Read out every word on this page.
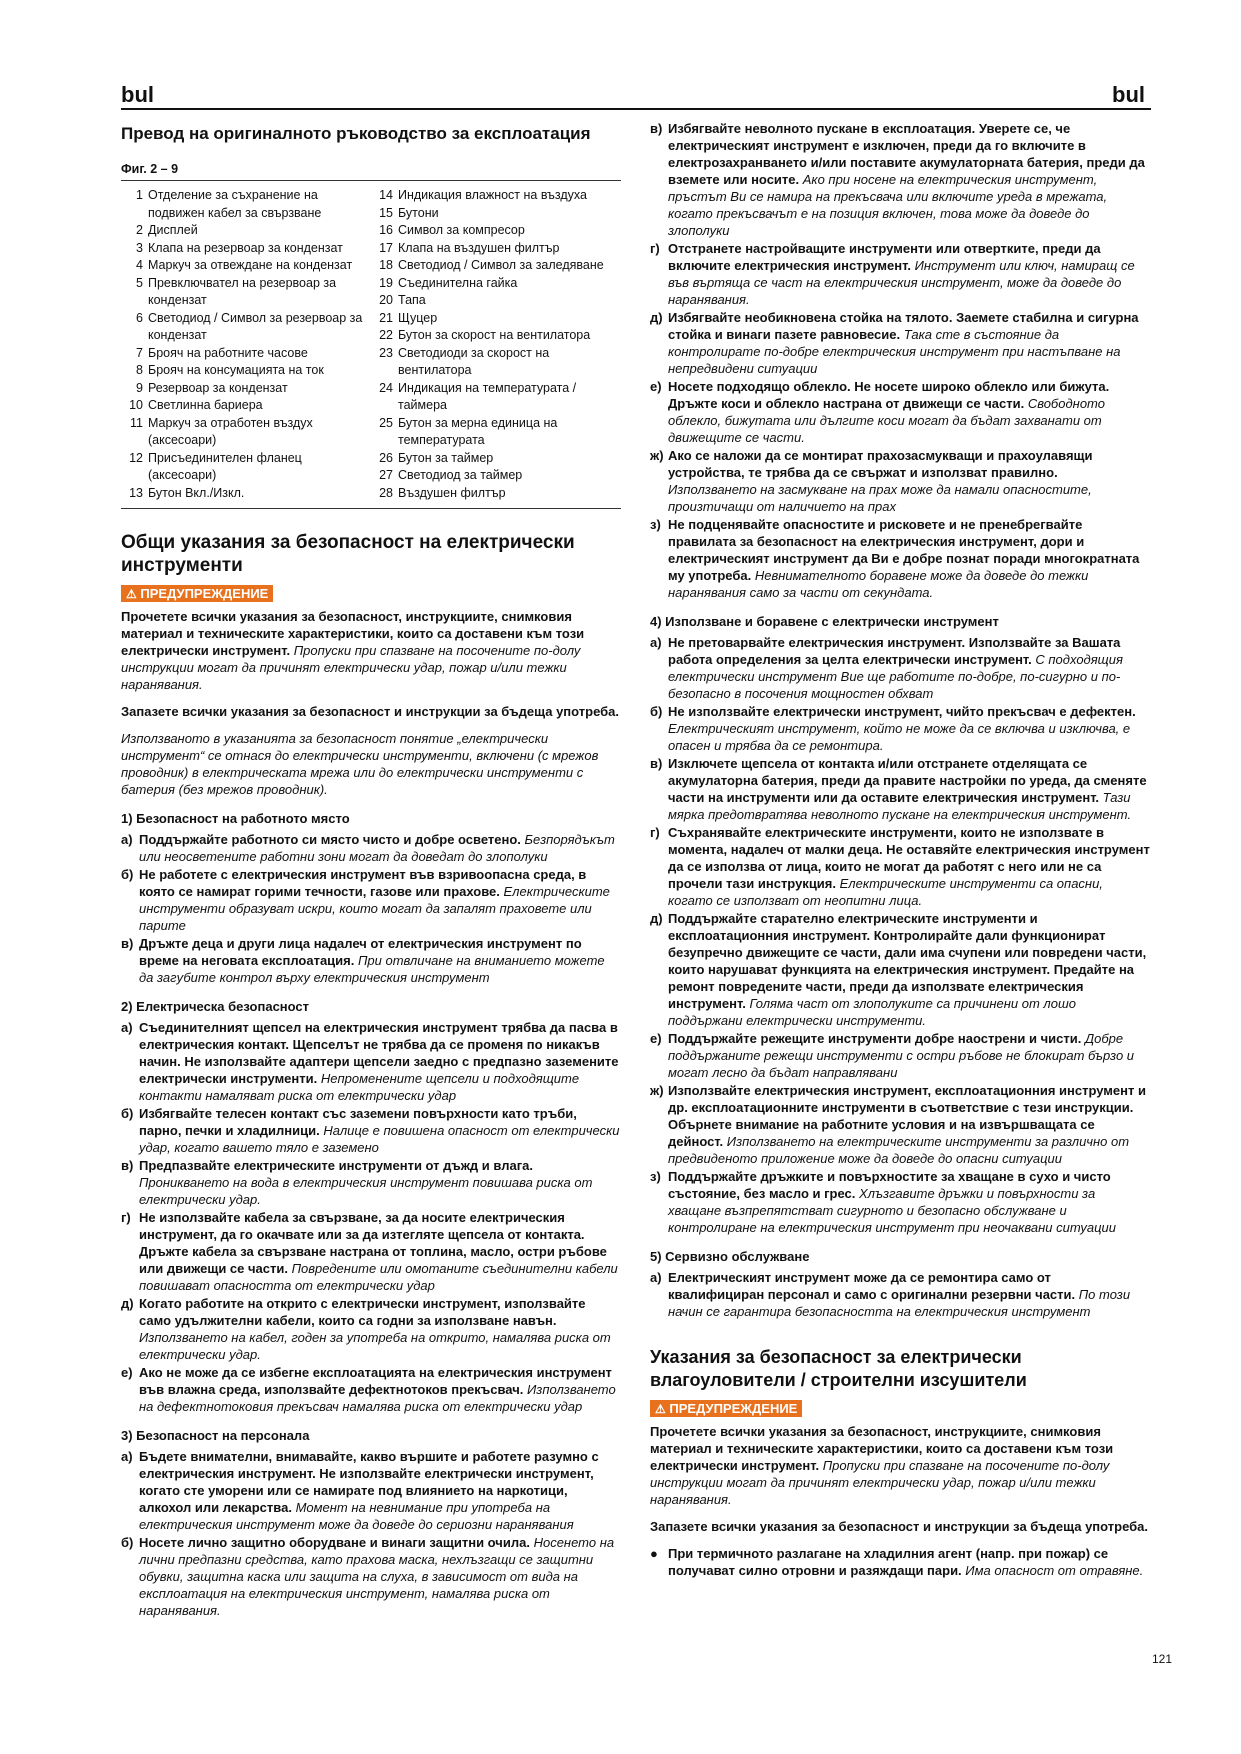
bul	bul
Превод на оригиналното ръководство за експлоатация
Фиг. 2 – 9
1 Отделение за съхранение на подвижен кабел за свързване
2 Дисплей
3 Клапа на резервоар за кондензат
4 Маркуч за отвеждане на кондензат
5 Превключвател на резервоар за кондензат
6 Светодиод / Символ за резервоар за кондензат
7 Брояч на работните часове
8 Брояч на консумацията на ток
9 Резервоар за кондензат
10 Светлинна бариера
11 Маркуч за отработен въздух (аксесоари)
12 Присъединителен фланец (аксесоари)
13 Бутон Вкл./Изкл.
14 Индикация влажност на въздуха
15 Бутони
16 Символ за компресор
17 Клапа на въздушен филтър
18 Светодиод / Символ за заледяване
19 Съединителна гайка
20 Тапа
21 Щуцер
22 Бутон за скорост на вентилатора
23 Светодиоди за скорост на вентилатора
24 Индикация на температурата / таймера
25 Бутон за мерна единица на температурата
26 Бутон за таймер
27 Светодиод за таймер
28 Въздушен филтър
Общи указания за безопасност на електрически инструменти
⚠ ПРЕДУПРЕЖДЕНИЕ

Прочетете всички указания за безопасност, инструкциите, снимковия материал и техническите характеристики, които са доставени към този електрически инструмент. Пропуски при спазване на посочените по-долу инструкции могат да причинят електрически удар, пожар и/или тежки наранявания.

Запазете всички указания за безопасност и инструкции за бъдеща употреба.

Използваното в указанията за безопасност понятие „електрически инструмент“ се отнася до електрически инструменти, включени (с мрежов проводник) в електрическата мрежа или до електрически инструменти с батерия (без мрежов проводник).

1) Безопасност на работното място
а) Поддържайте работното си място чисто и добре осветено. Безпорядъкът или неосветените работни зони могат да доведат до злополуки
б) Не работете с електрическия инструмент във взривоопасна среда, в която се намират горими течности, газове или прахове. Електрическите инструменти образуват искри, които могат да запалят праховете или парите
в) Дръжте деца и други лица надалеч от електрическия инструмент по време на неговата експлоатация. При отвличане на вниманието можете да загубите контрол върху електрическия инструмент
2) Електрическа безопасност
а) Съединителният щепсел на електрическия инструмент трябва да пасва в електрическия контакт. Щепселът не трябва да се променя по никакъв начин. Не използвайте адаптери щепсели заедно с предпазно заземените електрически инструменти. Непроменените щепсели и подходящите контакти намаляват риска от електрически удар
б) Избягвайте телесен контакт със заземени повърхности като тръби, парно, печки и хладилници. Налице е повишена опасност от електрически удар, когато вашето тяло е заземено
в) Предпазвайте електрическите инструменти от дъжд и влага. Проникването на вода в електрическия инструмент повишава риска от електрически удар.
г) Не използвайте кабела за свързване, за да носите електрическия инструмент, да го окачвате или за да изтегляте щепсела от контакта. Дръжте кабела за свързване настрана от топлина, масло, остри ръбове или движещи се части. Повредените или омотаните съединителни кабели повишават опасността от електрически удар
д) Когато работите на открито с електрически инструмент, използвайте само удължителни кабели, които са годни за използване навън. Използването на кабел, годен за употреба на открито, намалява риска от електрически удар.
е) Ако не може да се избегне експлоатацията на електрическия инструмент във влажна среда, използвайте дефектнотоков прекъсвач. Използването на дефектнотоковия прекъсвач намалява риска от електрически удар
3) Безопасност на персонала
а) Бъдете внимателни, внимавайте, какво вършите и работете разумно с електрическия инструмент. Не използвайте електрически инструмент, когато сте уморени или се намирате под влиянието на наркотици, алкохол или лекарства. Момент на невнимание при употреба на електрическия инструмент може да доведе до сериозни наранявания
б) Носете лично защитно оборудване и винаги защитни очила. Носенето на лични предпазни средства, като прахова маска, нехлъзгащи се защитни обувки, защитна каска или защита на слуха, в зависимост от вида на експлоатация на електрическия инструмент, намалява риска от наранявания.
в) Избягвайте неволното пускане в експлоатация. Уверете се, че електрическият инструмент е изключен, преди да го включите в електрозахранването и/или поставите акумулаторната батерия, преди да вземете или носите. Ако при носене на електрическия инструмент, пръстът Ви се намира на прекъсвача или включите уреда в мрежата, когато прекъсвачът е на позиция включен, това може да доведе до злополуки
г) Отстранете настройващите инструменти или отвертките, преди да включите електрическия инструмент. Инструмент или ключ, намиращ се във въртяща се част на електрическия инструмент, може да доведе до наранявания.
д) Избягвайте необикновена стойка на тялото. Заемете стабилна и сигурна стойка и винаги пазете равновесие. Така сте в състояние да контролирате по-добре електрическия инструмент при настъпване на непредвидени ситуации
е) Носете подходящо облекло. Не носете широко облекло или бижута. Дръжте коси и облекло настрана от движещи се части. Свободното облекло, бижутата или дългите коси могат да бъдат захванати от движещите се части.
ж) Ако се наложи да се монтират прахозасмукващи и прахоулавящи устройства, те трябва да се свържат и използват правилно. Използването на засмукване на прах може да намали опасностите, произтичащи от наличието на прах
з) Не подценявайте опасностите и рисковете и не пренебрегвайте правилата за безопасност на електрическия инструмент, дори и електрическият инструмент да Ви е добре познат поради многократната му употреба. Невнимателното боравене може да доведе до тежки наранявания само за части от секундата.
4) Използване и боравене с електрически инструмент
а) Не претоварвайте електрическия инструмент. Използвайте за Вашата работа определения за целта електрически инструмент. С подходящия електрически инструмент Вие ще работите по-добре, по-сигурно и по-безопасно в посочения мощностен обхват
б) Не използвайте електрически инструмент, чийто прекъсвач е дефектен. Електрическият инструмент, който не може да се включва и изключва, е опасен и трябва да се ремонтира.
в) Изключете щепсела от контакта и/или отстранете отделящата се акумулаторна батерия, преди да правите настройки по уреда, да сменяте части на инструменти или да оставите електрическия инструмент. Тази мярка предотвратява неволното пускане на електрическия инструмент.
г) Съхранявайте електрическите инструменти, които не използвате в момента, надалеч от малки деца. Не оставяйте електрическия инструмент да се използва от лица, които не могат да работят с него или не са прочели тази инструкция. Електрическите инструменти са опасни, когато се използват от неопитни лица.
д) Поддържайте старателно електрическите инструменти и експлоатационния инструмент. Контролирайте дали функционират безупречно движещите се части, дали има счупени или повредени части, които нарушават функцията на електрическия инструмент. Предайте на ремонт повредените части, преди да използвате електрическия инструмент. Голяма част от злополуките са причинени от лошо поддържани електрически инструменти.
е) Поддържайте режещите инструменти добре наострени и чисти. Добре поддържаните режещи инструменти с остри ръбове не блокират бързо и могат лесно да бъдат направлявани
ж) Използвайте електрическия инструмент, експлоатационния инструмент и др. експлоатационните инструменти в съответствие с тези инструкции. Обърнете внимание на работните условия и на извършващата се дейност. Използването на електрическите инструменти за различно от предвиденото приложение може да доведе до опасни ситуации
з) Поддържайте дръжките и повърхностите за хващане в сухо и чисто състояние, без масло и грес. Хлъзгавите дръжки и повърхности за хващане възпрепятстват сигурното и безопасно обслужване и контролиране на електрическия инструмент при неочаквани ситуации
5) Сервизно обслужване
а) Електрическият инструмент може да се ремонтира само от квалифициран персонал и само с оригинални резервни части. По този начин се гарантира безопасността на електрическия инструмент
Указания за безопасност за електрически влагоуловители / строителни изсушители
⚠ ПРЕДУПРЕЖДЕНИЕ

Прочетете всички указания за безопасност, инструкциите, снимковия материал и техническите характеристики, които са доставени към този електрически инструмент. Пропуски при спазване на посочените по-долу инструкции могат да причинят електрически удар, пожар и/или тежки наранявания.

Запазете всички указания за безопасност и инструкции за бъдеща употреба.

● При термичното разлагане на хладилния агент (напр. при пожар) се получават силно отровни и разяждащи пари. Има опасност от отравяне.
121
